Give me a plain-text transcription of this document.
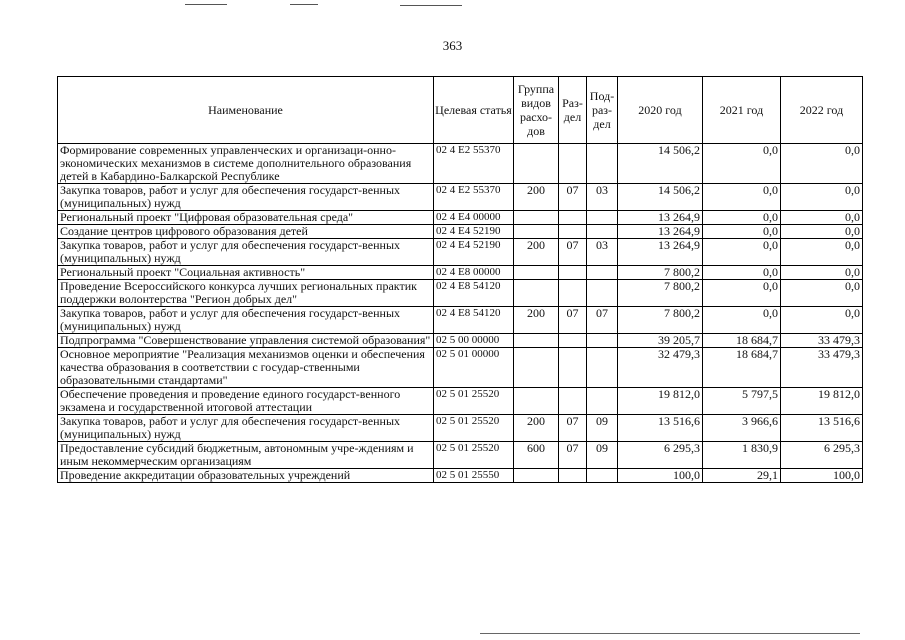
363
Наименование	Целевая статья	Группа видов расхо-дов	Раз-дел	Под-раз-дел	2020 год	2021 год	2022 год
Формирование современных управленческих и организаци-онно-экономических механизмов в системе дополнительного образования детей в Кабардино-Балкарской Республике	02 4 E2 55370				14 506,2	0,0	0,0
Закупка товаров, работ и услуг для обеспечения государст-венных (муниципальных) нужд	02 4 E2 55370	200	07	03	14 506,2	0,0	0,0
Региональный проект "Цифровая образовательная среда"	02 4 E4 00000				13 264,9	0,0	0,0
Создание центров цифрового образования детей	02 4 E4 52190				13 264,9	0,0	0,0
Закупка товаров, работ и услуг для обеспечения государст-венных (муниципальных) нужд	02 4 E4 52190	200	07	03	13 264,9	0,0	0,0
Региональный проект "Социальная активность"	02 4 E8 00000				7 800,2	0,0	0,0
Проведение Всероссийского конкурса лучших региональных практик поддержки волонтерства "Регион добрых дел"	02 4 E8 54120				7 800,2	0,0	0,0
Закупка товаров, работ и услуг для обеспечения государст-венных (муниципальных) нужд	02 4 E8 54120	200	07	07	7 800,2	0,0	0,0
Подпрограмма "Совершенствование управления системой образования"	02 5 00 00000				39 205,7	18 684,7	33 479,3
Основное мероприятие "Реализация механизмов оценки и обеспечения качества образования в соответствии с государ-ственными образовательными стандартами"	02 5 01 00000				32 479,3	18 684,7	33 479,3
Обеспечение проведения и проведение единого государст-венного экзамена и государственной итоговой аттестации	02 5 01 25520				19 812,0	5 797,5	19 812,0
Закупка товаров, работ и услуг для обеспечения государст-венных (муниципальных) нужд	02 5 01 25520	200	07	09	13 516,6	3 966,6	13 516,6
Предоставление субсидий бюджетным, автономным учре-ждениям и иным некоммерческим организациям	02 5 01 25520	600	07	09	6 295,3	1 830,9	6 295,3
Проведение аккредитации образовательных учреждений	02 5 01 25550				100,0	29,1	100,0
